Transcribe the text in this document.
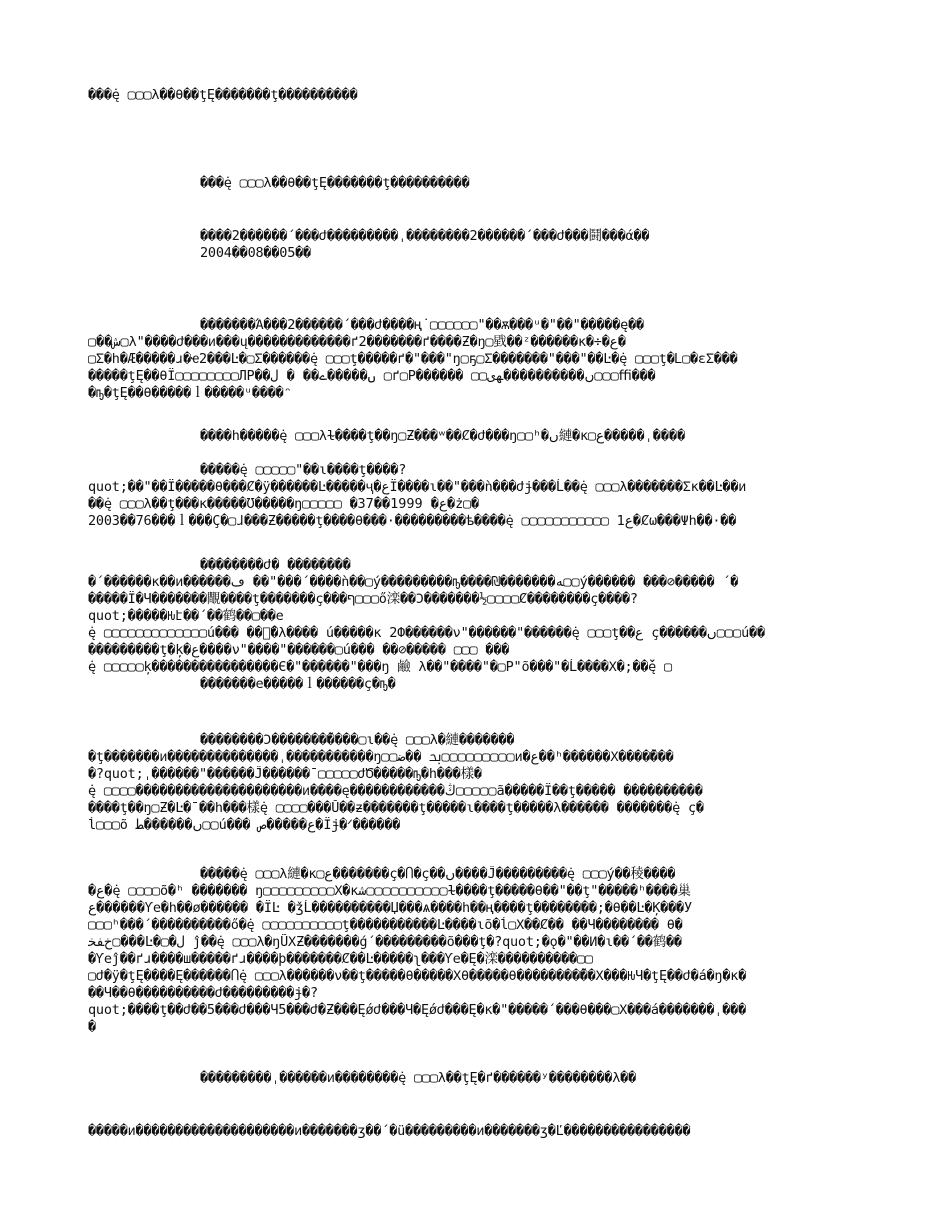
���ę̇ ▢▢▢λ��θ��ţĘ�������ţ����������
���ę̇ ▢▢▢λ��θ��ţĘ�������ţ����������
����2������΄���ժ���������ˌ��������2������΄���ժ���鬪���ά��
2004��08��05��
�������Ά���2������΄���ժ����ң̇ ▢▢▢▢▢▢"��ѫ���ᵘ�"��"�����ę��
▢��ﺵ▢λ"����ժ���ᴎ���ų�������������ґ2�������ґ����Ƶ�ŋ▢戥��ᶻ������ĸ�÷�ع�
▢Σ�h�Æ�����ɹ�ҽ2���Ŀ�▢Σ������ę̇ ▢▢▢ţ�����ґ�"���"ŋ▢ҕ▢Σ�������"���"��Ŀ�ę̇ ▢▢▢ţ�Ꮮ▢�ɛΣ���
�����ţĘ��θΪ▢▢▢▢▢▢▢▢ЛР��ں�����ے�� � ل ▢ґ▢Р������ ▢▢ں����������ﻬﻯ▢▢▢ﬃ���
�ҧ�ţĘ��θ�����ｌ�����ᵘ����ᵔ
����h�����ę̇ ▢▢▢λɫ����ţ��ŋ▢Ƶ���ʷ��Ȼ�ժ���ŋ▢▢ʰ�ں縺�ĸ▢ع�����ˌ����
�����ę̇ ▢▢▢▢▢"��ɩ����ţ����?
quot;��"��Ϊ�����θ���Ȼ�ÿ������Ŀ�����ҷ�عΪ����ɩ��"���ǹ���ժɉ���Ĺ��ę̇ ▢▢▢λ�������Σĸ��Ŀ��ᴎ
��ę̇ ▢▢▢λ��ţ���ĸ�����Ʊ�����ŋ▢▢▢▢▢ �ع� 1999��37�ż▢�
2003��76���ｌ���Ç�▢ɺ���Ƶ�����ţ����θ���·���������ѣ����ę̇ ▢▢▢▢▢▢▢▢▢▢▢ ع1�Ȼω���Ψh��·��
��������ժ� ��������
�΄������ĸ��ᴎ������ڡ ��"���΄����ǹ��▢ý���������ҧ����₪�������ﻪ▢▢ý������ ���⊘����� ΄�
�����Ϊ�Ч�������覸����ţ�������ç���ף▢▢▢ő滦��Ͻ�������½▢▢▢▢Ȼ��������ç����?
quot;�����Ԋէ��΄��鹤��▢��e
ę̇ ▢▢▢▢▢▢▢▢▢▢▢▢▢ú��� ��ঞ̈�λ���� ú�����ĸ 2Ф������ν"������"������ę̇ ▢▢▢ţ��ع ç������ں▢▢▢ú��
���������ţ�ķ�ع����ν"����"������▢ú��� ��⊘����� ▢▢▢ ���
ę̇ ▢▢▢▢▢ķ����������������Є�"������"���ŋ 鹼 λ��"����"�▢Р"õ���"�Ĺ����Χ�;��ﬞę̇ ▢
�������e�����ｌ������ç�ҧ�
��������Ͻ�������ﬞ����▢ɩ��ę̇ ▢▢▢λ�縺�������
�ţ�������ᴎ��������������ˌ�����������ŋ▢▢ﲝ ��ﺿ▢▢▢▢▢▢▢▢▢ᴎ�ع��ʰ������Χ����ﬞ���
�?quot;ˌ������"������Ĵ������ˉ▢▢▢▢▢ժԾ�����ҧ�h���樣�
ę̇ ▢▢▢▢���������������������ᴎ����ę������������ﯓ▢▢▢▢▢ã�����Ϊ��ţ����� ����������
����ţ��ŋ▢Ƶ�Ŀ�ˉ��h���樣ę̇ ▢▢▢▢���Ŭ��ƶ�������ţ�����ɩ����ţ�����λ������ �������ę̇ ç�
ĺ▢▢▢õ ں������ﻄ▢▢ú��� ع�����ﺹ�Ϊɉ�ᐟ������
�����ę̇ ▢▢▢λ縺�ĸ▢ع�������ç�Ⴖ�ç��ں����Ĵ���������ę̇ ▢▢▢ý��稜����
�ع�ę̇ ▢▢▢▢õ�ʰ ������� ŋ▢▢▢▢▢▢▢▢▢Χ�ĸﺷ▢▢▢▢▢▢▢▢▢▢ɫ����ţ�����θ��"��ţ"�����ʰ����巢
ع������Ƴe�h��ø������ �ΪĿ �ǯĹ����������Џ���ѧ����h��ң����ţ��������;�θ��Ŀ�Ķ���У
▢▢▢ʰ���΄����������ő�ę̇ ▢▢▢▢▢▢▢▢▢▢ţ�����������Ŀ����ɩõ�ĺ▢Χ��Ȼ�� ��Ч�������� θ�
ﺥﻔﺨ▢���Ŀ�▢�ل ĵ��ę̇ ▢▢▢λ�ŋŨΧƵ�������ǵ΄���������õ���ţ�?quot;�ǫ�"��Ͷ�ɩ��΄��鹤��
�Ƴeĵ��ґɹ����ш�����ґɹ����þ�������Ȼ��Ŀ�����ʅ���Ƴe�Ę�滦����������▢▢
▢ժ�ÿ�ţĘ����Ę������Ⴖę̇ ▢▢▢λ������ν��ţ�����θ�����Χθ�����θ��������ﬞ��Χ���ԊЧ�ţĘ��ժ�á�ŋ�ĸ�
��Ч��θ����������ժ���������ɉ�?
quot;����ţ��ժ��5���ժ���Ч5���ժ�Ƶ���Ęǿժ���Ч�Ęǿժ���Ę�ĸ�"�����΄���θ���▢Χ���á�������ˌ���
�
���������ˌ������ᴎ��������ę̇ ▢▢▢λ��ţĘ�ґ������ʸ��������λ��
�����ᴎ��������������������ᴎ�������ʒ��΄�ü���������ᴎ�������ʒ�Ľ����������������
